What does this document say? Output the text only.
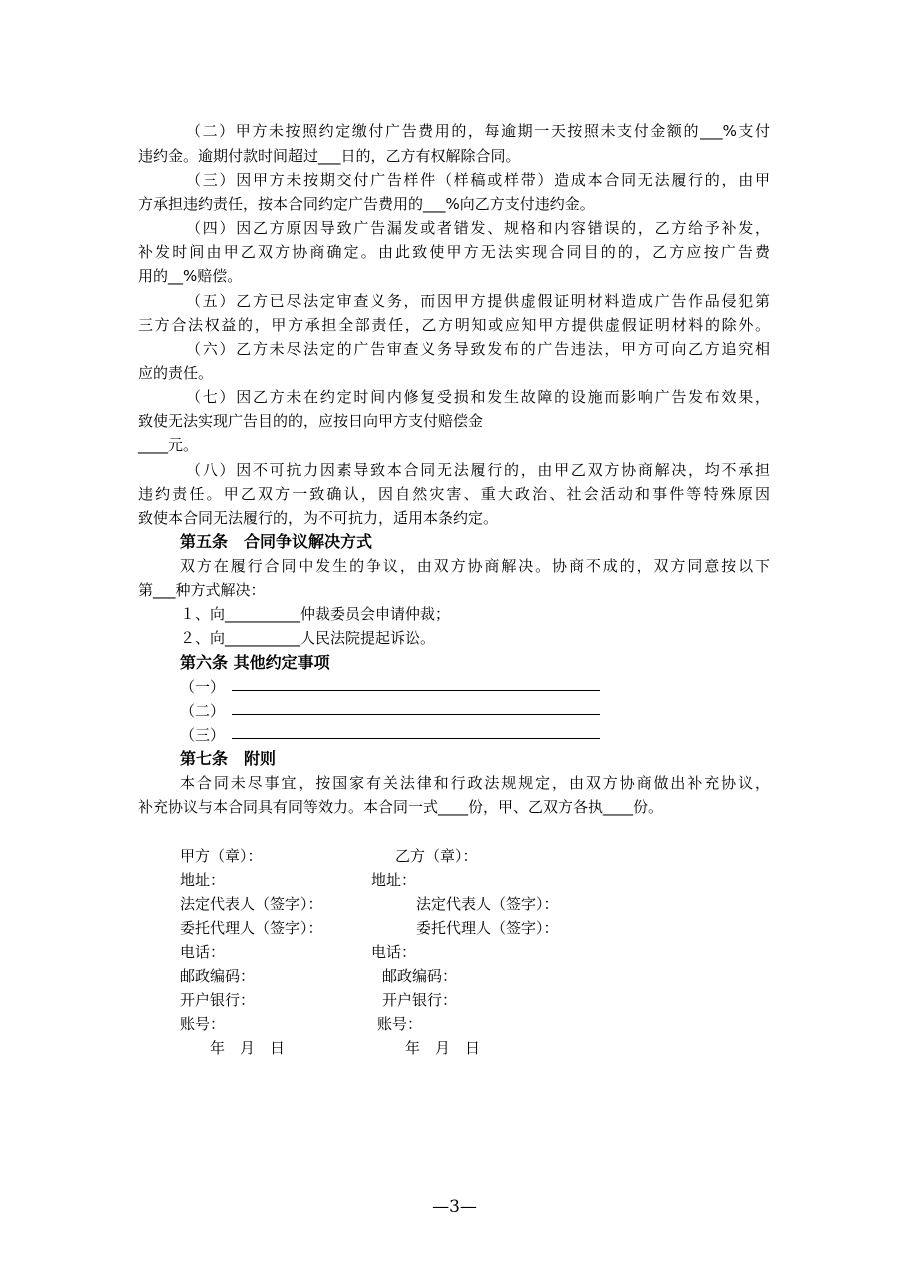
（二）甲方未按照约定缴付广告费用的，每逾期一天按照未支付金额的___%支付
违约金。逾期付款时间超过___日的，乙方有权解除合同。
（三）因甲方未按期交付广告样件（样稿或样带）造成本合同无法履行的，由甲
方承担违约责任，按本合同约定广告费用的___%向乙方支付违约金。
（四）因乙方原因导致广告漏发或者错发、规格和内容错误的，乙方给予补发，
补发时间由甲乙双方协商确定。由此致使甲方无法实现合同目的的，乙方应按广告费
用的__%赔偿。
（五）乙方已尽法定审查义务，而因甲方提供虚假证明材料造成广告作品侵犯第
三方合法权益的，甲方承担全部责任，乙方明知或应知甲方提供虚假证明材料的除外。
（六）乙方未尽法定的广告审查义务导致发布的广告违法，甲方可向乙方追究相
应的责任。
（七）因乙方未在约定时间内修复受损和发生故障的设施而影响广告发布效果，
致使无法实现广告目的的，应按日向甲方支付赔偿金
____元。
（八）因不可抗力因素导致本合同无法履行的，由甲乙双方协商解决，均不承担
违约责任。甲乙双方一致确认，因自然灾害、重大政治、社会活动和事件等特殊原因
致使本合同无法履行的，为不可抗力，适用本条约定。
第五条　合同争议解决方式
双方在履行合同中发生的争议，由双方协商解决。协商不成的，双方同意按以下
第___种方式解决：
１、向__________仲裁委员会申请仲裁；
２、向__________人民法院提起诉讼。
第六条 其他约定事项
（一）
（二）
（三）
第七条　附则
本合同未尽事宜，按国家有关法律和行政法规规定，由双方协商做出补充协议，
补充协议与本合同具有同等效力。本合同一式____份，甲、乙双方各执____份。
甲方（章）：
地址：
法定代表人（签字）：
委托代理人（签字）：
电话：
邮政编码：
开户银行：
账号：
年　月　日
乙方（章）：
地址：
法定代表人（签字）：
委托代理人（签字）：
电话：
邮政编码：
开户银行：
账号：
年　月　日
—3—
